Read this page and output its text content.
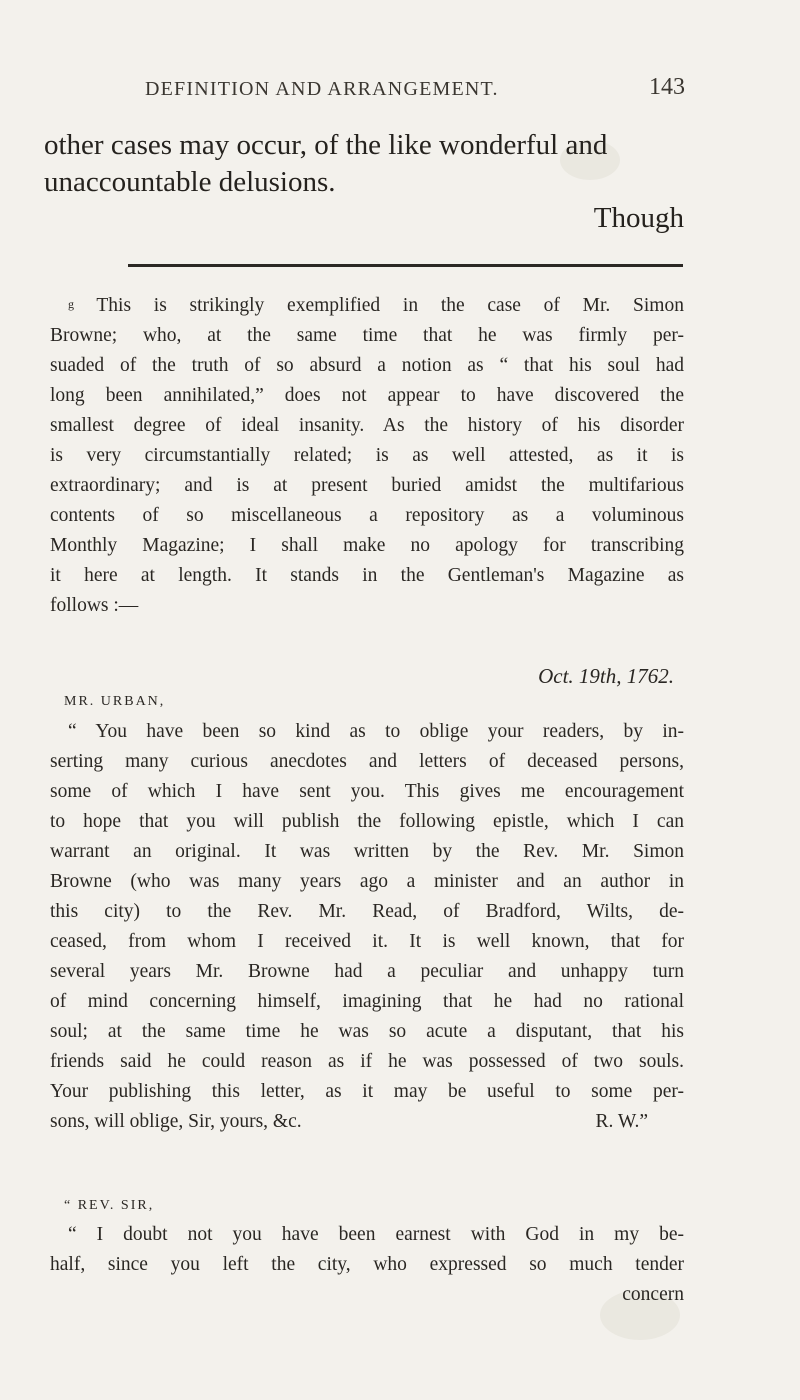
DEFINITION AND ARRANGEMENT.	143
other cases may occur, of the like wonderful and
unaccountable delusions.
Though
$^g$ This is strikingly exemplified in the case of Mr. Simon
Browne; who, at the same time that he was firmly per-
suaded of the truth of so absurd a notion as “ that his soul had
long been annihilated,” does not appear to have discovered the
smallest degree of ideal insanity. As the history of his disorder
is very circumstantially related; is as well attested, as it is
extraordinary; and is at present buried amidst the multifarious
contents of so miscellaneous a repository as a voluminous
Monthly Magazine; I shall make no apology for transcribing
it here at length. It stands in the Gentleman's Magazine as
follows :—
Oct. 19th, 1762.
MR. URBAN,
“ You have been so kind as to oblige your readers, by in-
serting many curious anecdotes and letters of deceased persons,
some of which I have sent you. This gives me encouragement
to hope that you will publish the following epistle, which I can
warrant an original. It was written by the Rev. Mr. Simon
Browne (who was many years ago a minister and an author in
this city) to the Rev. Mr. Read, of Bradford, Wilts, de-
ceased, from whom I received it. It is well known, that for
several years Mr. Browne had a peculiar and unhappy turn
of mind concerning himself, imagining that he had no rational
soul; at the same time he was so acute a disputant, that his
friends said he could reason as if he was possessed of two souls.
Your publishing this letter, as it may be useful to some per-
sons, will oblige, Sir, yours, &c.	R. W.”
“ REV. SIR,
“ I doubt not you have been earnest with God in my be-
half, since you left the city, who expressed so much tender
concern
